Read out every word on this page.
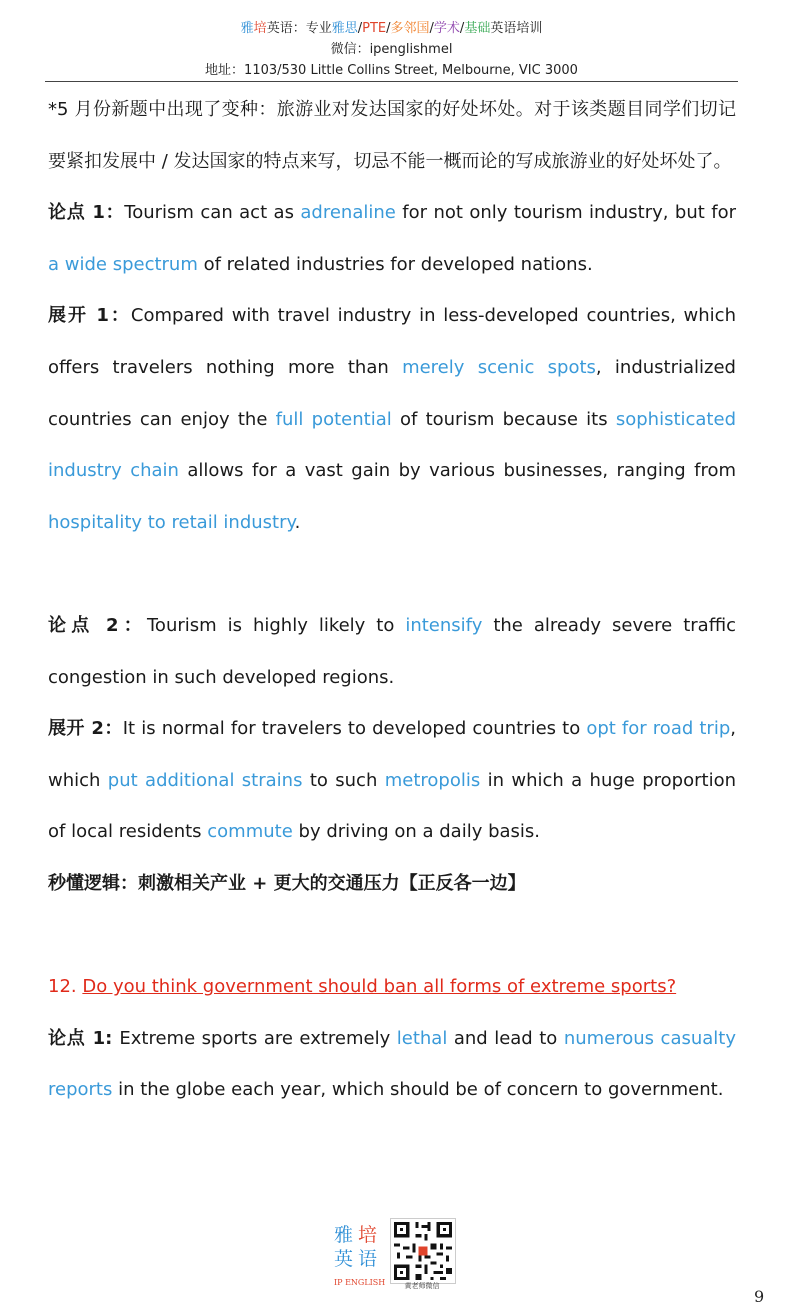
雅培英语：专业雅思/PTE/多邻国/学术/基础英语培训
微信：ipenglishmel
地址：1103/530 Little Collins Street, Melbourne, VIC 3000

*5 月份新题中出现了变种：旅游业对发达国家的好处坏处。对于该类题目同学们切记要紧扣发展中 / 发达国家的特点来写，切忌不能一概而论的写成旅游业的好处坏处了。

论点 1：Tourism can act as adrenaline for not only tourism industry, but for a wide spectrum of related industries for developed nations.

展开 1：Compared with travel industry in less-developed countries, which offers travelers nothing more than merely scenic spots, industrialized countries can enjoy the full potential of tourism because its sophisticated industry chain allows for a vast gain by various businesses, ranging from hospitality to retail industry.

论点 2：Tourism is highly likely to intensify the already severe traffic congestion in such developed regions.

展开 2：It is normal for travelers to developed countries to opt for road trip, which put additional strains to such metropolis in which a huge proportion of local residents commute by driving on a daily basis.

秒懂逻辑：刺激相关产业 + 更大的交通压力【正反各一边】

12. Do you think government should ban all forms of extreme sports?

论点 1: Extreme sports are extremely lethal and lead to numerous casualty reports in the globe each year, which should be of concern to government.

雅 培
英 语
IP ENGLISH	黄老师微信
9
